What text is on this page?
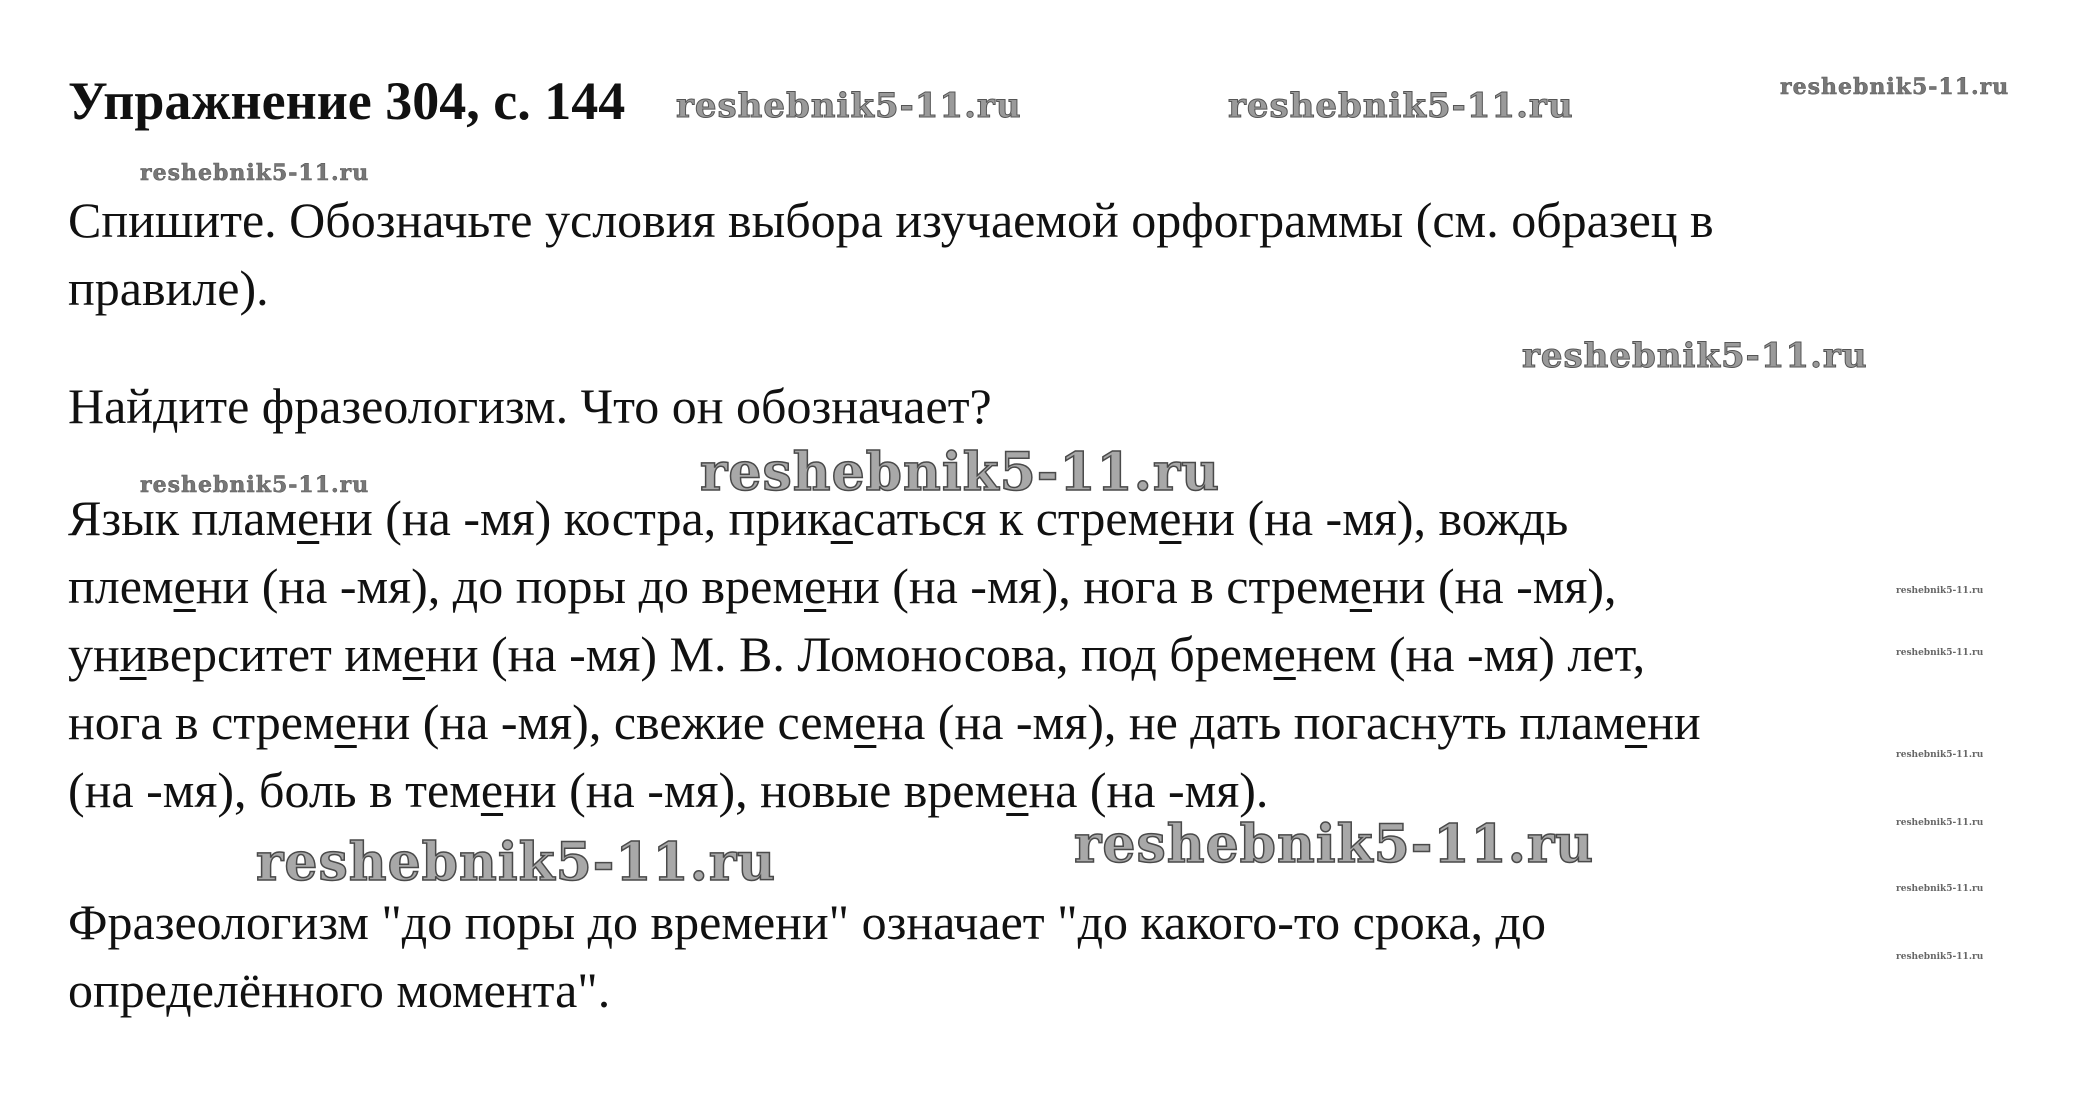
Упражнение 304, с. 144

Спишите. Обозначьте условия выбора изучаемой орфограммы (см. образец в
правиле).

Найдите фразеологизм. Что он обозначает?

Язык пламени (на -мя) костра, прикасаться к стремени (на -мя), вождь
племени (на -мя), до поры до времени (на -мя), нога в стремени (на -мя),
университет имени (на -мя) М. В. Ломоносова, под бременем (на -мя) лет,
нога в стремени (на -мя), свежие семена (на -мя), не дать погаснуть пламени
(на -мя), боль в темени (на -мя), новые времена (на -мя).

Фразеологизм "до поры до времени" означает "до какого-то срока, до
определённого момента".

reshebnik5-11.ru	reshebnik5-11.ru	reshebnik5-11.ru
reshebnik5-11.ru
reshebnik5-11.ru
reshebnik5-11.ru	reshebnik5-11.ru
reshebnik5-11.ru	reshebnik5-11.ru
reshebnik5-11.ru
reshebnik5-11.ru
reshebnik5-11.ru
reshebnik5-11.ru
reshebnik5-11.ru
reshebnik5-11.ru
